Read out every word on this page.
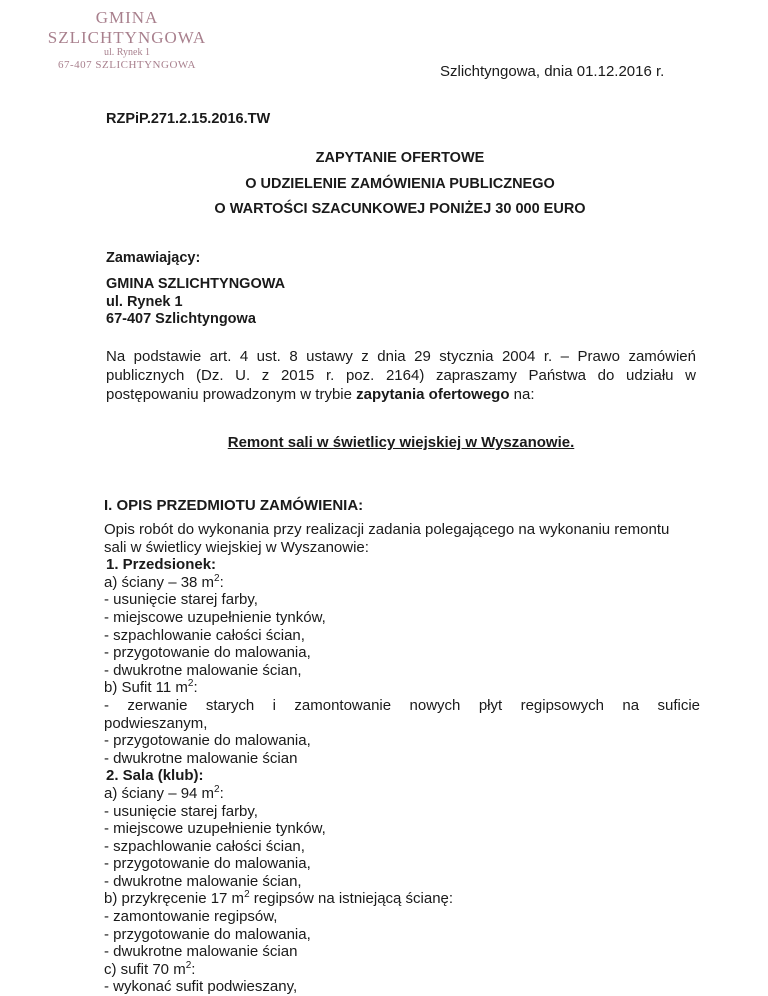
GMINA
SZLICHTYNGOWA
ul. Rynek 1
67-407 SZLICHTYNGOWA	Szlichtyngowa, dnia 01.12.2016 r.
RZPiP.271.2.15.2016.TW
ZAPYTANIE OFERTOWE
O UDZIELENIE ZAMÓWIENIA PUBLICZNEGO
O WARTOŚCI SZACUNKOWEJ PONIŻEJ 30 000 EURO
Zamawiający:
GMINA SZLICHTYNGOWA
ul. Rynek 1
67-407 Szlichtyngowa
Na podstawie art. 4 ust. 8 ustawy z dnia 29 stycznia 2004 r. – Prawo zamówień
publicznych (Dz. U. z 2015 r. poz. 2164) zapraszamy Państwa do udziału w
postępowaniu prowadzonym w trybie zapytania ofertowego na:
Remont sali w świetlicy wiejskiej w Wyszanowie.
I. OPIS PRZEDMIOTU ZAMÓWIENIA:
Opis robót do wykonania przy realizacji zadania polegającego na wykonaniu remontu
sali w świetlicy wiejskiej w Wyszanowie:
1. Przedsionek:
a) ściany – 38 $m^2$:
- usunięcie starej farby,
- miejscowe uzupełnienie tynków,
- szpachlowanie całości ścian,
- przygotowanie do malowania,
- dwukrotne malowanie ścian,
b) Sufit 11 $m^2$:
- zerwanie starych i zamontowanie nowych płyt regipsowych na suficie
podwieszanym,
- przygotowanie do malowania,
- dwukrotne malowanie ścian
2. Sala (klub):
a) ściany – 94 $m^2$:
- usunięcie starej farby,
- miejscowe uzupełnienie tynków,
- szpachlowanie całości ścian,
- przygotowanie do malowania,
- dwukrotne malowanie ścian,
b) przykręcenie 17 $m^2$ regipsów na istniejącą ścianę:
- zamontowanie regipsów,
- przygotowanie do malowania,
- dwukrotne malowanie ścian
c) sufit 70 $m^2$:
- wykonać sufit podwieszany,
